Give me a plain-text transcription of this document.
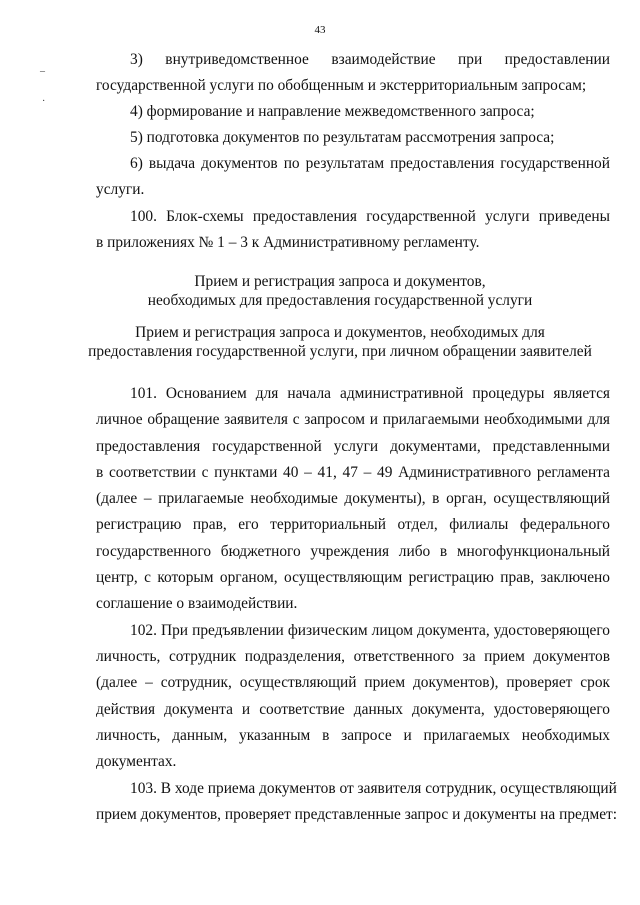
43
–
·
3) внутриведомственное взаимодействие при предоставлении
государственной услуги по обобщенным и экстерриториальным запросам;
4) формирование и направление межведомственного запроса;
5) подготовка документов по результатам рассмотрения запроса;
6) выдача документов по результатам предоставления государственной
услуги.
100. Блок-схемы предоставления государственной услуги приведены
в приложениях № 1 – 3 к Административному регламенту.
Прием и регистрация запроса и документов,
необходимых для предоставления государственной услуги
Прием и регистрация запроса и документов, необходимых для
предоставления государственной услуги, при личном обращении заявителей
101. Основанием для начала административной процедуры является
личное обращение заявителя с запросом и прилагаемыми необходимыми для
предоставления государственной услуги документами, представленными
в соответствии с пунктами 40 – 41, 47 – 49 Административного регламента
(далее – прилагаемые необходимые документы), в орган, осуществляющий
регистрацию прав, его территориальный отдел, филиалы федерального
государственного бюджетного учреждения либо в многофункциональный
центр, с которым органом, осуществляющим регистрацию прав, заключено
соглашение о взаимодействии.
102. При предъявлении физическим лицом документа, удостоверяющего
личность, сотрудник подразделения, ответственного за прием документов
(далее – сотрудник, осуществляющий прием документов), проверяет срок
действия документа и соответствие данных документа, удостоверяющего
личность, данным, указанным в запросе и прилагаемых необходимых
документах.
103. В ходе приема документов от заявителя сотрудник, осуществляющий
прием документов, проверяет представленные запрос и документы на предмет:
